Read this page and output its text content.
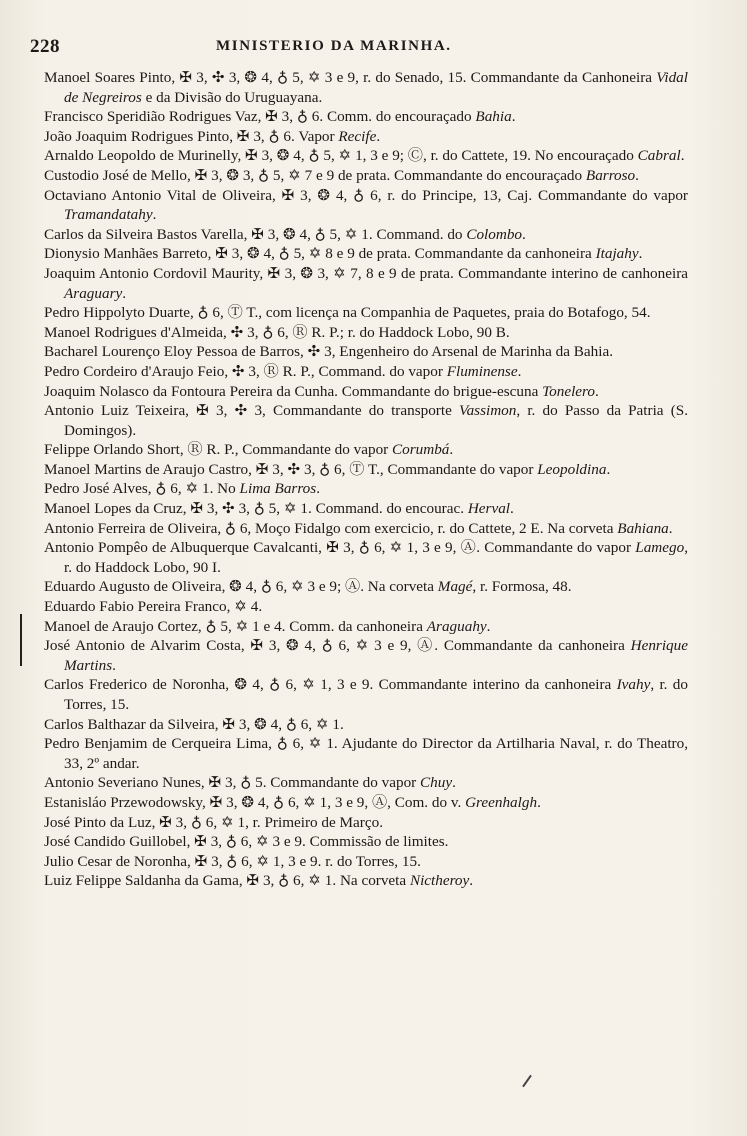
228	MINISTERIO DA MARINHA.
Manoel Soares Pinto, ✠ 3, ✣ 3, ❂ 4, ♁ 5, ✡ 3 e 9, r. do Senado, 15. Commandante da Canhoneira Vidal de Negreiros e da Divisão do Uruguayana.
Francisco Speridião Rodrigues Vaz, ✠ 3, ♁ 6. Comm. do encouraçado Bahia.
João Joaquim Rodrigues Pinto, ✠ 3, ♁ 6. Vapor Recife.
Arnaldo Leopoldo de Murinelly, ✠ 3, ❂ 4, ♁ 5, ✡ 1, 3 e 9; Ⓒ, r. do Cattete, 19. No encouraçado Cabral.
Custodio José de Mello, ✠ 3, ❂ 3, ♁ 5, ✡ 7 e 9 de prata. Commandante do encouraçado Barroso.
Octaviano Antonio Vital de Oliveira, ✠ 3, ❂ 4, ♁ 6, r. do Principe, 13, Caj. Commandante do vapor Tramandatahy.
Carlos da Silveira Bastos Varella, ✠ 3, ❂ 4, ♁ 5, ✡ 1. Command. do Colombo.
Dionysio Manhães Barreto, ✠ 3, ❂ 4, ♁ 5, ✡ 8 e 9 de prata. Commandante da canhoneira Itajahy.
Joaquim Antonio Cordovil Maurity, ✠ 3, ❂ 3, ✡ 7, 8 e 9 de prata. Commandante interino de canhoneira Araguary.
Pedro Hippolyto Duarte, ♁ 6, Ⓣ T., com licença na Companhia de Paquetes, praia do Botafogo, 54.
Manoel Rodrigues d'Almeida, ✣ 3, ♁ 6, Ⓡ R. P.; r. do Haddock Lobo, 90 B.
Bacharel Lourenço Eloy Pessoa de Barros, ✣ 3, Engenheiro do Arsenal de Marinha da Bahia.
Pedro Cordeiro d'Araujo Feio, ✣ 3, Ⓡ R. P., Command. do vapor Fluminense.
Joaquim Nolasco da Fontoura Pereira da Cunha. Commandante do brigue-escuna Tonelero.
Antonio Luiz Teixeira, ✠ 3, ✣ 3, Commandante do transporte Vassimon, r. do Passo da Patria (S. Domingos).
Felippe Orlando Short, Ⓡ R. P., Commandante do vapor Corumbá.
Manoel Martins de Araujo Castro, ✠ 3, ✣ 3, ♁ 6, Ⓣ T., Commandante do vapor Leopoldina.
Pedro José Alves, ♁ 6, ✡ 1. No Lima Barros.
Manoel Lopes da Cruz, ✠ 3, ✣ 3, ♁ 5, ✡ 1. Command. do encourac. Herval.
Antonio Ferreira de Oliveira, ♁ 6, Moço Fidalgo com exercicio, r. do Cattete, 2 E. Na corveta Bahiana.
Antonio Pompêo de Albuquerque Cavalcanti, ✠ 3, ♁ 6, ✡ 1, 3 e 9, Ⓐ. Commandante do vapor Lamego, r. do Haddock Lobo, 90 I.
Eduardo Augusto de Oliveira, ❂ 4, ♁ 6, ✡ 3 e 9; Ⓐ. Na corveta Magé, r. Formosa, 48.
Eduardo Fabio Pereira Franco, ✡ 4.
Manoel de Araujo Cortez, ♁ 5, ✡ 1 e 4. Comm. da canhoneira Araguahy.
José Antonio de Alvarim Costa, ✠ 3, ❂ 4, ♁ 6, ✡ 3 e 9, Ⓐ. Commandante da canhoneira Henrique Martins.
Carlos Frederico de Noronha, ❂ 4, ♁ 6, ✡ 1, 3 e 9. Commandante interino da canhoneira Ivahy, r. do Torres, 15.
Carlos Balthazar da Silveira, ✠ 3, ❂ 4, ♁ 6, ✡ 1.
Pedro Benjamim de Cerqueira Lima, ♁ 6, ✡ 1. Ajudante do Director da Artilharia Naval, r. do Theatro, 33, 2º andar.
Antonio Severiano Nunes, ✠ 3, ♁ 5. Commandante do vapor Chuy.
Estanisláo Przewodowsky, ✠ 3, ❂ 4, ♁ 6, ✡ 1, 3 e 9, Ⓐ, Com. do v. Greenhalgh.
José Pinto da Luz, ✠ 3, ♁ 6, ✡ 1, r. Primeiro de Março.
José Candido Guillobel, ✠ 3, ♁ 6, ✡ 3 e 9. Commissão de limites.
Julio Cesar de Noronha, ✠ 3, ♁ 6, ✡ 1, 3 e 9. r. do Torres, 15.
Luiz Felippe Saldanha da Gama, ✠ 3, ♁ 6, ✡ 1. Na corveta Nictheroy.
